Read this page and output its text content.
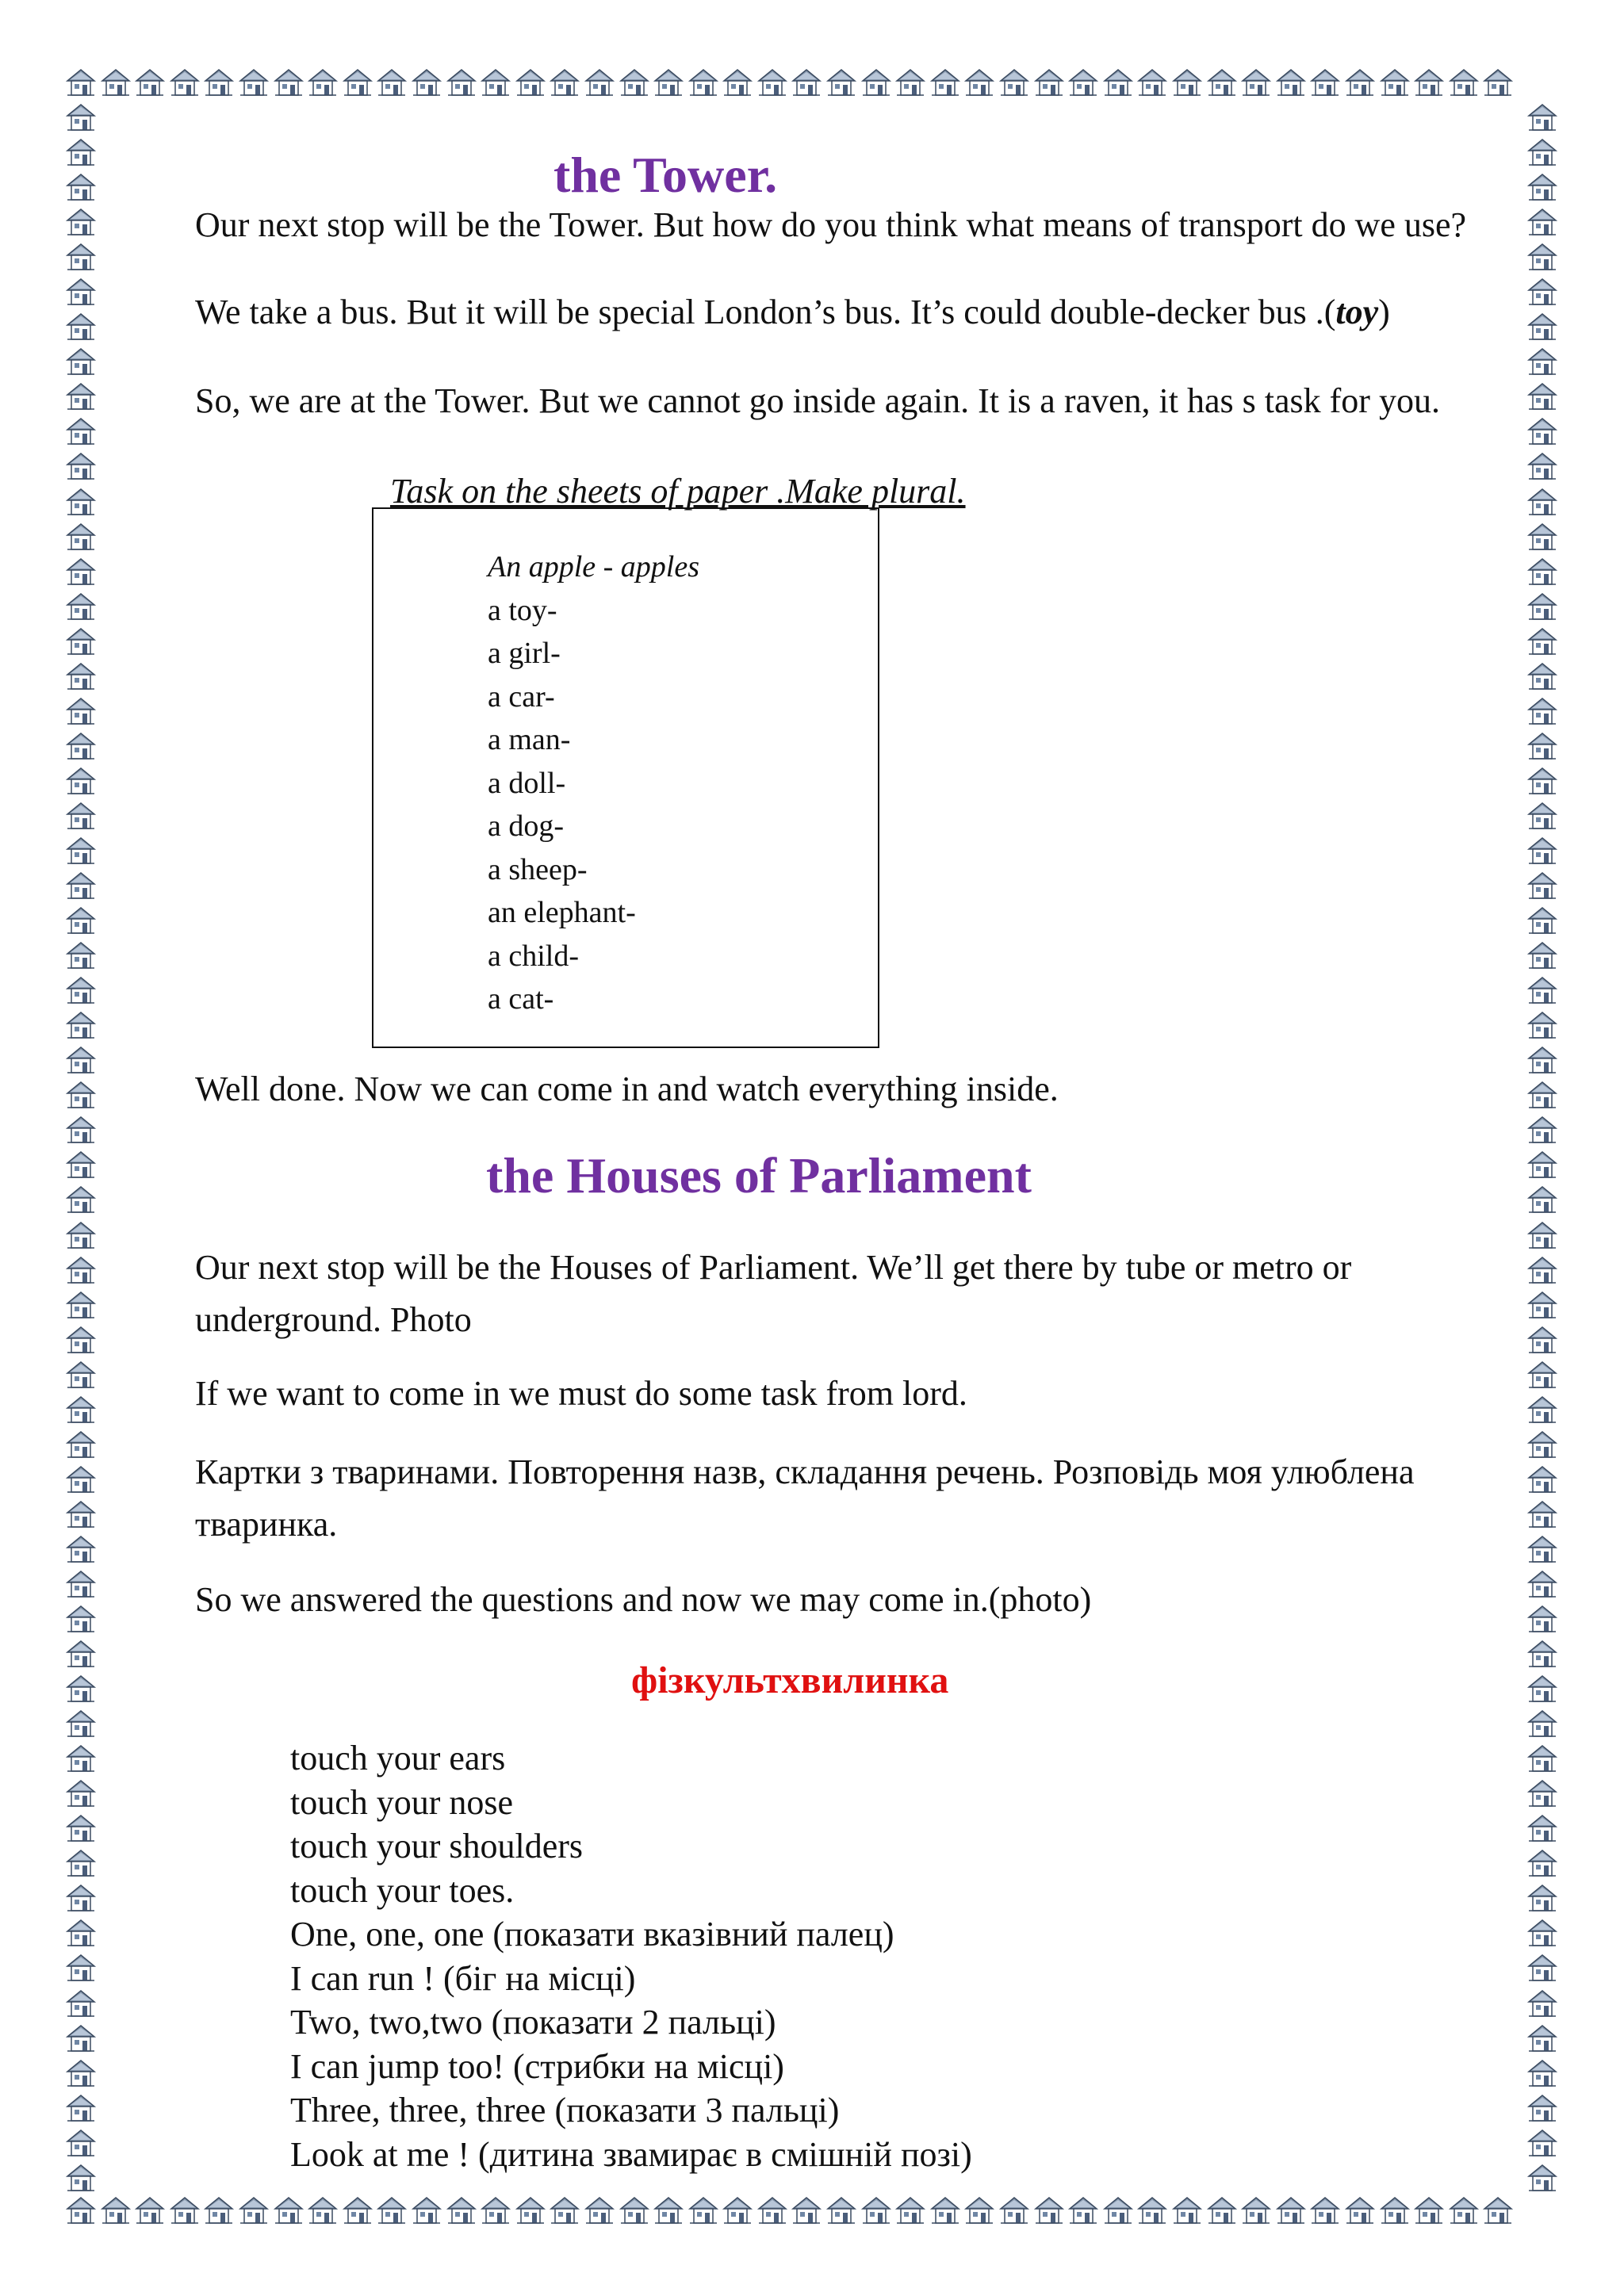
the Tower.

Our next stop will be the Tower. But how do you think what means of transport do we use?

We take a bus. But it will be special London’s bus. It’s could double-decker bus .(toy)

So, we are at the Tower. But we cannot go inside again. It is a raven, it has s task for you.

Task on the sheets of paper .Make plural.

An apple - apples
a toy-
a girl-
a car-
a man-
a doll-
a dog-
a sheep-
an elephant-
a child-
a cat-

Well done. Now we can come in and watch everything inside.

the Houses of Parliament

Our next stop will be the Houses of Parliament. We’ll get there by tube or metro or underground. Photo

If we want to come in we must do some task from lord.

Картки з тваринами. Повторення назв, складання речень. Розповідь моя улюблена тваринка.

So we answered the questions and now we may come in.(photo)

фізкультхвилинка
touch your ears
touch your nose
touch your shoulders
touch your toes.
One, one, one (показати вказівний палец)
I can run ! (біг на місці)
Two, two,two (показати 2 пальці)
I can jump too! (стрибки на місці)
Three, three, three (показати 3 пальці)
Look at me ! (дитина звамирає в смішній позі)
